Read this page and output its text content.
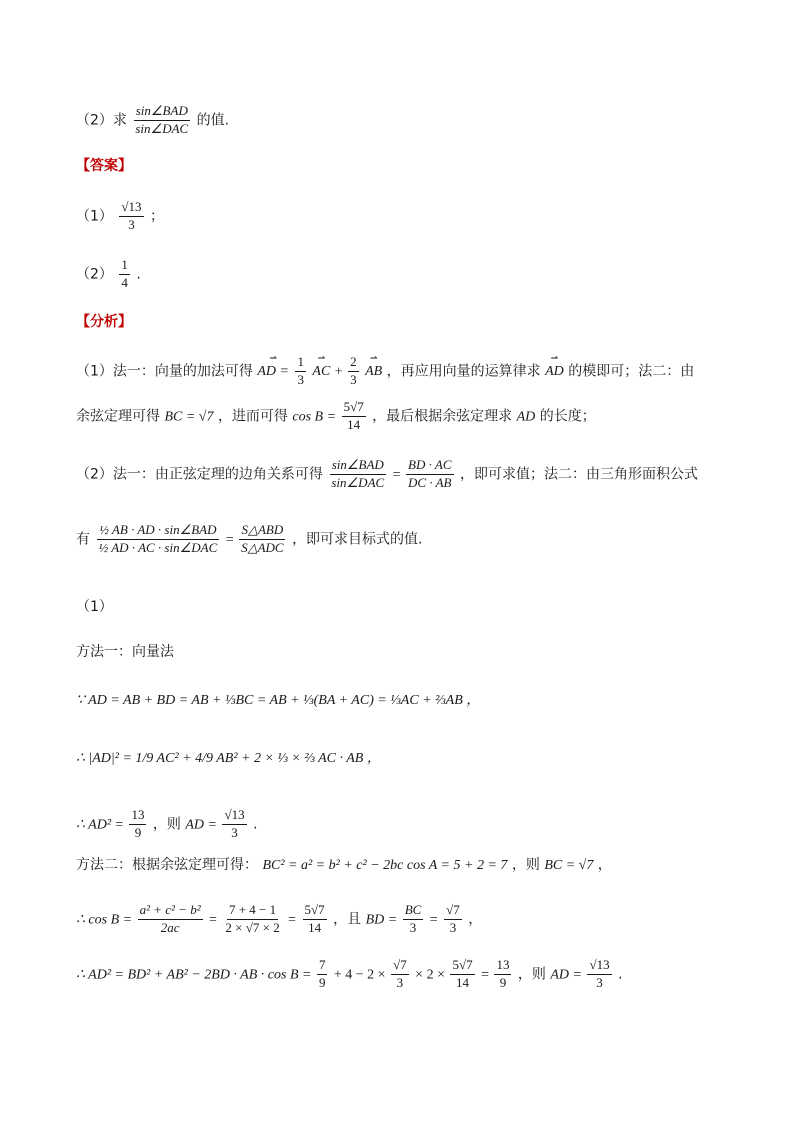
（2）求 $\frac{\text{sin∠BAD}}{\text{sin∠DAC}}$ 的值.
【答案】
$(1) \frac{√13}{3}$ ；
$(2) \frac{1}{4}$ .
【分析】
（1）法一：向量的加法可得 ⇀ AD = $\frac{1}{3}$ ⇀ AC + $\frac{2}{3}$ ⇀ AB ，再应用向量的运算律求 ⇀ AD 的模即可；法二：由
余弦定理可得 BC = √7 ，进而可得 $\cos B = \frac{5√7}{14}$ ，最后根据余弦定理求 AD 的长度；
（2）法一：由正弦定理的边角关系可得 $\frac{\text{sin∠BAD}}{\text{sin∠DAC}} = \frac{BD \cdot AC}{DC \cdot AB}$ ，即可求值；法二：由三角形面积公式
有 $\frac{\text{½ AB · AD · sin∠BAD}}{\text{½ AD · AC · sin∠DAC}} = \frac{\text{S△ABD}}{\text{S△ADC}}$ ，即可求目标式的值.
（1）
方法一：向量法
∵ AD = AB + BD = AB + ⅓BC = AB + ⅓(BA + AC) = ⅓AC + ⅔AB ，
∴ |AD|² = 1/9 AC² + 4/9 AB² + 2 × ⅓ × ⅔ AC · AB ，
∴ $AD^2 = \frac{13}{9}$ ，则 AD = $\frac{√13}{3}$ .
方法二：根据余弦定理可得： BC² = a² = b² + c² − 2bc cos A = 5 + 2 = 7 ，则 BC = √7 ，
∴ $\cos B = \frac{\text{a² + c² − b²}}{2ac} = \frac{7 + 4 - 1}{2 \times √7 \times 2} = \frac{5√7}{14}$ ，且 BD = $\frac{BC}{3} = \frac{√7}{3}$ ，
∴ AD² = BD² + AB² − 2BD · AB · $\cos B = \frac{7}{9} + 4 - 2 \times \frac{√7}{3} \times 2 \times \frac{5√7}{14} = \frac{13}{9}$ ，则 AD = $\frac{√13}{3}$ .
